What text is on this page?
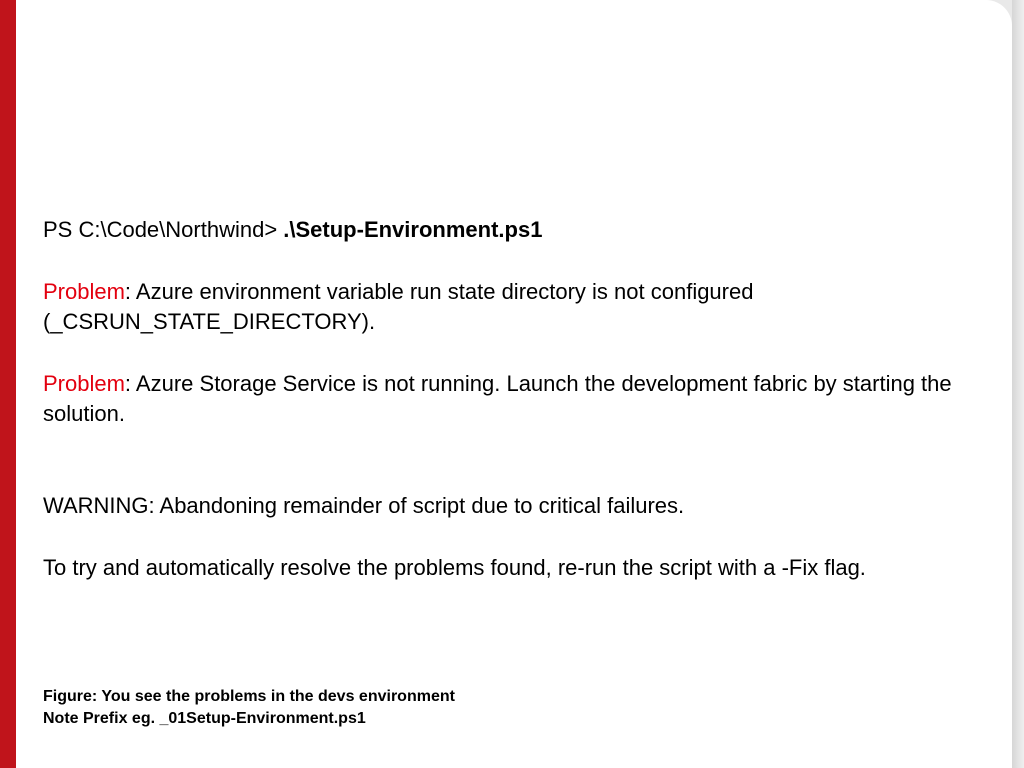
PS C:\Code\Northwind> .\Setup-Environment.ps1

Problem: Azure environment variable run state directory is not configured (_CSRUN_STATE_DIRECTORY).

Problem: Azure Storage Service is not running. Launch the development fabric by starting the solution.

WARNING: Abandoning remainder of script due to critical failures.

To try and automatically resolve the problems found, re-run the script with a -Fix flag.

Figure: You see the problems in the devs environment
Note Prefix eg. _01Setup-Environment.ps1
